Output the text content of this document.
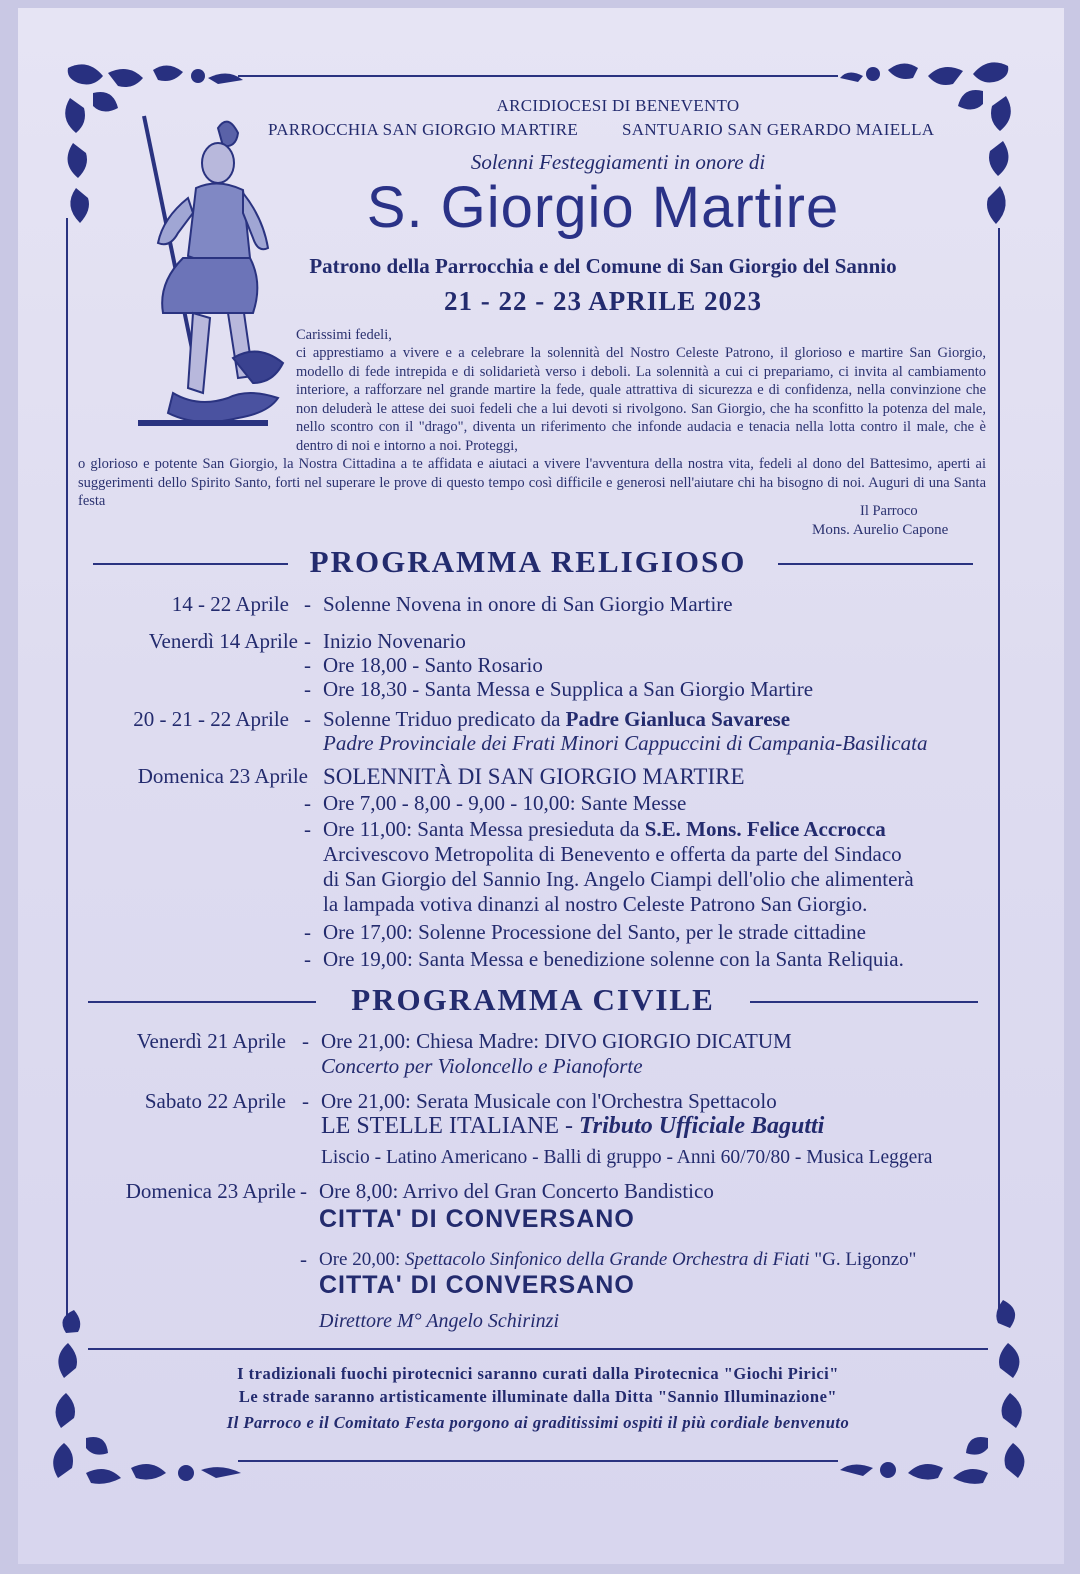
ARCIDIOCESI DI BENEVENTO
PARROCCHIA SAN GIORGIO MARTIRE	SANTUARIO SAN GERARDO MAIELLA
Solenni Festeggiamenti in onore di
S. Giorgio Martire
Patrono della Parrocchia e del Comune di San Giorgio del Sannio
21 - 22 - 23 APRILE 2023
Carissimi fedeli,
ci apprestiamo a vivere e a celebrare la solennità del Nostro Celeste Patrono, il glorioso e martire San Giorgio, modello di fede intrepida e di solidarietà verso i deboli. La solennità a cui ci prepariamo, ci invita al cambiamento interiore, a rafforzare nel grande martire la fede, quale attrattiva di sicurezza e di confidenza, nella convinzione che non deluderà le attese dei suoi fedeli che a lui devoti si rivolgono. San Giorgio, che ha sconfitto la potenza del male, nello scontro con il "drago", diventa un riferimento che infonde audacia e tenacia nella lotta contro il male, che è dentro di noi e intorno a noi. Proteggi,
o glorioso e potente San Giorgio, la Nostra Cittadina a te affidata e aiutaci a vivere l'avventura della nostra vita, fedeli al dono del Battesimo, aperti ai suggerimenti dello Spirito Santo, forti nel superare le prove di questo tempo così difficile e generosi nell'aiutare chi ha bisogno di noi. Auguri di una Santa festa
Il Parroco
Mons. Aurelio Capone
PROGRAMMA RELIGIOSO
14 - 22 Aprile - Solenne Novena in onore di San Giorgio Martire
Venerdì 14 Aprile - Inizio Novenario
- Ore 18,00 - Santo Rosario
- Ore 18,30 - Santa Messa e Supplica a San Giorgio Martire
20 - 21 - 22 Aprile - Solenne Triduo predicato da Padre Gianluca Savarese
Padre Provinciale dei Frati Minori Cappuccini di Campania-Basilicata
Domenica 23 Aprile SOLENNITÀ DI SAN GIORGIO MARTIRE
- Ore 7,00 - 8,00 - 9,00 - 10,00: Sante Messe
- Ore 11,00: Santa Messa presieduta da S.E. Mons. Felice Accrocca
Arcivescovo Metropolita di Benevento e offerta da parte del Sindaco
di San Giorgio del Sannio Ing. Angelo Ciampi dell'olio che alimenterà
la lampada votiva dinanzi al nostro Celeste Patrono San Giorgio.
- Ore 17,00: Solenne Processione del Santo, per le strade cittadine
- Ore 19,00: Santa Messa e benedizione solenne con la Santa Reliquia.
PROGRAMMA CIVILE
Venerdì 21 Aprile - Ore 21,00: Chiesa Madre: DIVO GIORGIO DICATUM
Concerto per Violoncello e Pianoforte
Sabato 22 Aprile - Ore 21,00: Serata Musicale con l'Orchestra Spettacolo
LE STELLE ITALIANE - Tributo Ufficiale Bagutti
Liscio - Latino Americano - Balli di gruppo - Anni 60/70/80 - Musica Leggera
Domenica 23 Aprile - Ore 8,00: Arrivo del Gran Concerto Bandistico
CITTA' DI CONVERSANO
- Ore 20,00: Spettacolo Sinfonico della Grande Orchestra di Fiati "G. Ligonzo"
CITTA' DI CONVERSANO
Direttore M° Angelo Schirinzi
I tradizionali fuochi pirotecnici saranno curati dalla Pirotecnica "Giochi Pirici"
Le strade saranno artisticamente illuminate dalla Ditta "Sannio Illuminazione"
Il Parroco e il Comitato Festa porgono ai graditissimi ospiti il più cordiale benvenuto
